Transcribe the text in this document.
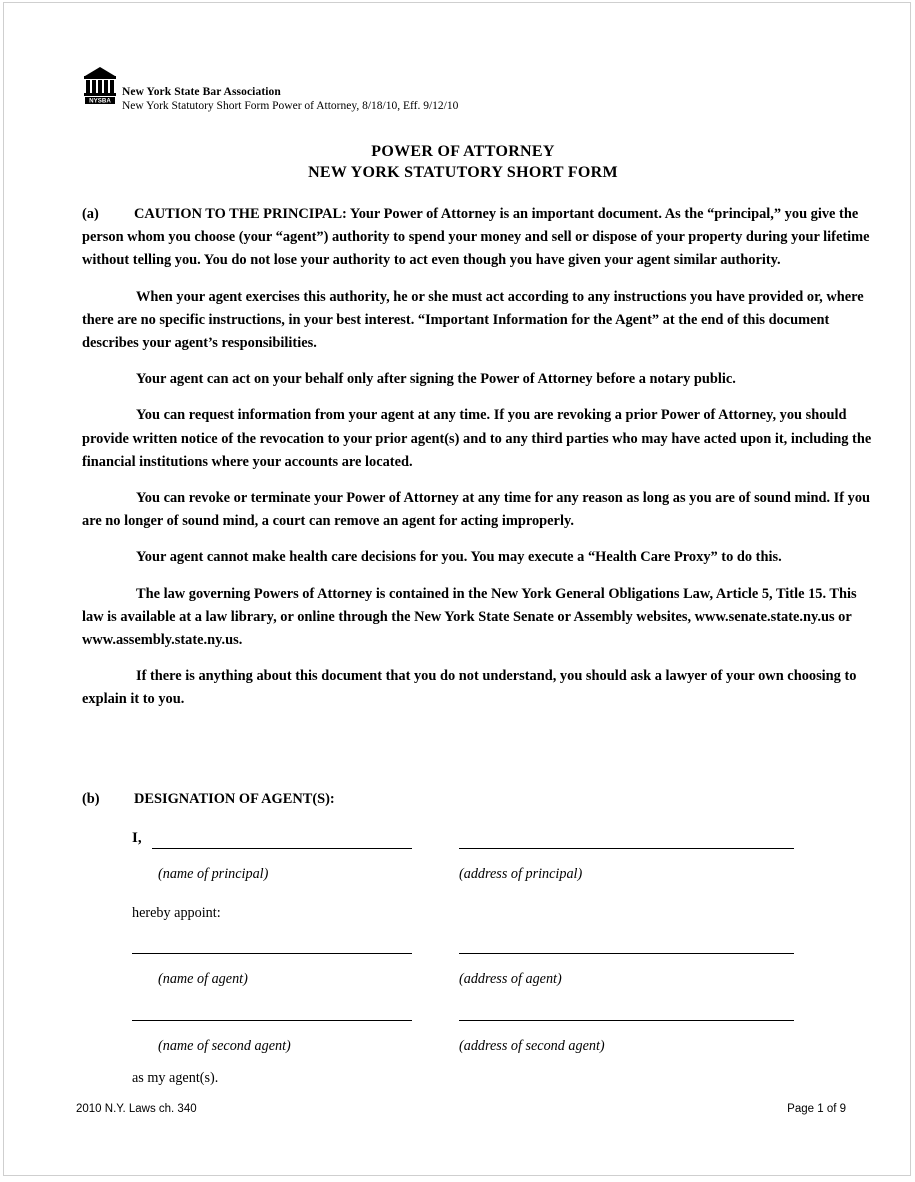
NYSBA
New York State Bar Association
New York Statutory Short Form Power of Attorney, 8/18/10, Eff. 9/12/10
POWER OF ATTORNEY
NEW YORK STATUTORY SHORT FORM
(a)	CAUTION TO THE PRINCIPAL: Your Power of Attorney is an important document. As the “principal,” you give the person whom you choose (your “agent”) authority to spend your money and sell or dispose of your property during your lifetime without telling you. You do not lose your authority to act even though you have given your agent similar authority.

When your agent exercises this authority, he or she must act according to any instructions you have provided or, where there are no specific instructions, in your best interest. “Important Information for the Agent” at the end of this document describes your agent’s responsibilities.

Your agent can act on your behalf only after signing the Power of Attorney before a notary public.

You can request information from your agent at any time. If you are revoking a prior Power of Attorney, you should provide written notice of the revocation to your prior agent(s) and to any third parties who may have acted upon it, including the financial institutions where your accounts are located.

You can revoke or terminate your Power of Attorney at any time for any reason as long as you are of sound mind. If you are no longer of sound mind, a court can remove an agent for acting improperly.

Your agent cannot make health care decisions for you. You may execute a “Health Care Proxy” to do this.

The law governing Powers of Attorney is contained in the New York General Obligations Law, Article 5, Title 15. This law is available at a law library, or online through the New York State Senate or Assembly websites, www.senate.state.ny.us or www.assembly.state.ny.us.

If there is anything about this document that you do not understand, you should ask a lawyer of your own choosing to explain it to you.

(b) DESIGNATION OF AGENT(S):
I,
(name of principal)	(address of principal)
hereby appoint:
(name of agent)	(address of agent)
(name of second agent)	(address of second agent)
as my agent(s).
2010 N.Y. Laws ch. 340	Page 1 of 9
